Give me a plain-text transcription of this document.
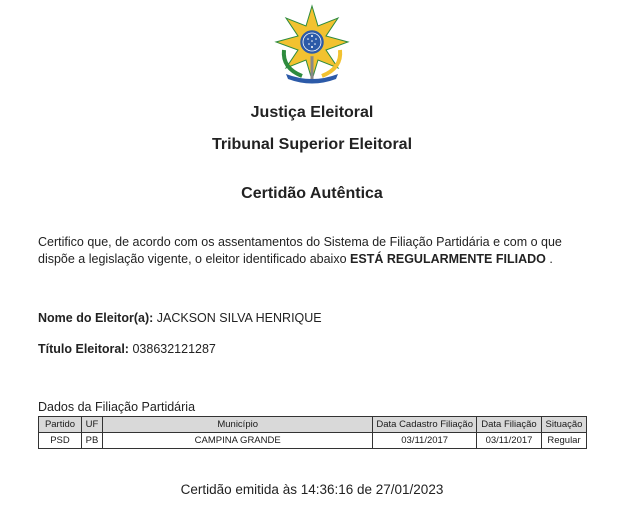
Justiça Eleitoral
Tribunal Superior Eleitoral
Certidão Autêntica
Certifico que, de acordo com os assentamentos do Sistema de Filiação Partidária e com o que dispõe a legislação vigente, o eleitor identificado abaixo ESTÁ REGULARMENTE FILIADO .
Nome do Eleitor(a): JACKSON SILVA HENRIQUE
Título Eleitoral: 038632121287
Dados da Filiação Partidária
Partido	UF	Município	Data Cadastro Filiação	Data Filiação	Situação
PSD	PB	CAMPINA GRANDE	03/11/2017	03/11/2017	Regular
Certidão emitida às 14:36:16 de 27/01/2023
